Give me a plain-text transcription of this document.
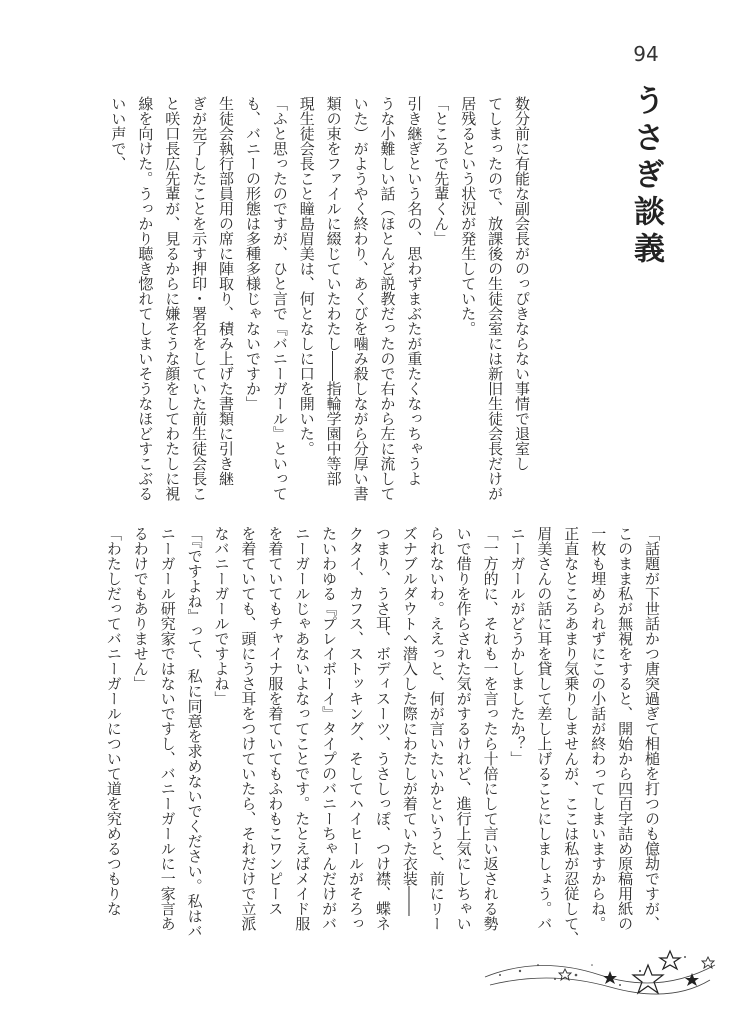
94
うさぎ談義
数分前に有能な副会長がのっぴきならない事情で退室し
てしまったので、放課後の生徒会室には新旧生徒会長だけが
居残るという状況が発生していた。
「ところで先輩くん」
引き継ぎという名の、思わずまぶたが重たくなっちゃうよ
うな小難しい話（ほとんど説教だったので右から左に流して
いた）がようやく終わり、あくびを噛み殺しながら分厚い書
類の束をファイルに綴じていたわたし――指輪学園中等部
現生徒会長こと瞳島眉美は、何となしに口を開いた。
「ふと思ったのですが、ひと言で『バニーガール』といって
も、バニーの形態は多種多様じゃないですか」
生徒会執行部員用の席に陣取り、積み上げた書類に引き継
ぎが完了したことを示す押印・署名をしていた前生徒会長こ
と咲口長広先輩が、見るからに嫌そうな顔をしてわたしに視
線を向けた。うっかり聴き惚れてしまいそうなほどすこぶる
いい声で、
「話題が下世話かつ唐突過ぎて相槌を打つのも億劫ですが、
このまま私が無視をすると、開始から四百字詰め原稿用紙の
一枚も埋められずにこの小話が終わってしまいますからね。
正直なところあまり気乗りしませんが、ここは私が忍従して、
眉美さんの話に耳を貸して差し上げることにしましょう。バ
ニーガールがどうかしましたか？」
「一方的に、それも一を言ったら十倍にして言い返される勢
いで借りを作らされた気がするけれど、進行上気にしちゃい
られないわ。ええっと、何が言いたいかというと、前にリー
ズナブルダウトへ潜入した際にわたしが着ていた衣装――
つまり、うさ耳、ボディスーツ、うさしっぽ、つけ襟、蝶ネ
クタイ、カフス、ストッキング、そしてハイヒールがそろっ
たいわゆる『プレイボーイ』タイプのバニーちゃんだけがバ
ニーガールじゃあないよなってことです。たとえばメイド服
を着ていてもチャイナ服を着ていてもふわもこワンピース
を着ていても、頭にうさ耳をつけていたら、それだけで立派
なバニーガールですよね」
「『ですよね』って、私に同意を求めないでください。私はバ
ニーガール研究家ではないですし、バニーガールに一家言あ
るわけでもありません」
「わたしだってバニーガールについて道を究めるつもりな
